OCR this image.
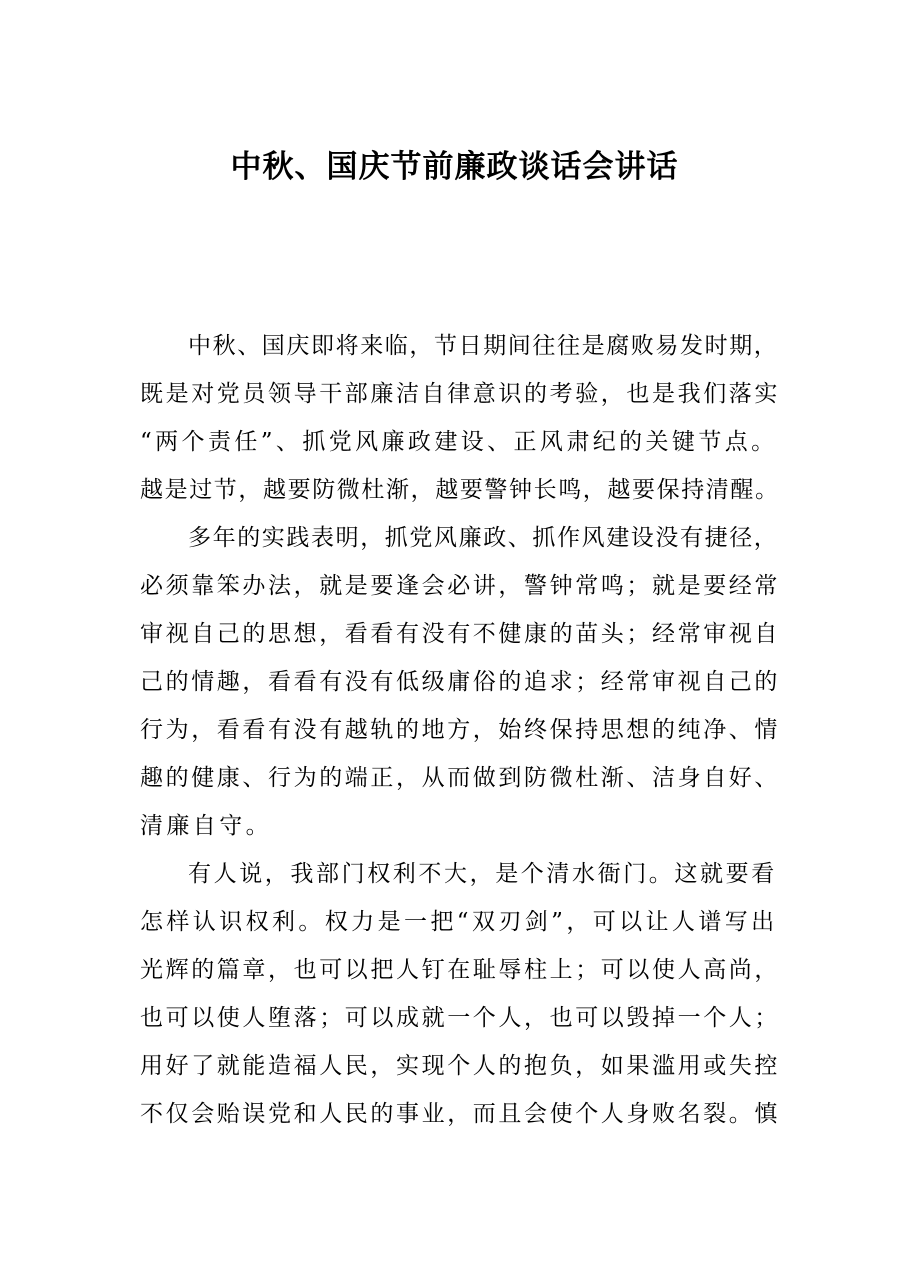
中秋、国庆节前廉政谈话会讲话
中秋、国庆即将来临，节日期间往往是腐败易发时期，
既是对党员领导干部廉洁自律意识的考验，也是我们落实
“两个责任”、抓党风廉政建设、正风肃纪的关键节点。
越是过节，越要防微杜渐，越要警钟长鸣，越要保持清醒。
多年的实践表明，抓党风廉政、抓作风建设没有捷径，
必须靠笨办法，就是要逢会必讲，警钟常鸣；就是要经常
审视自己的思想，看看有没有不健康的苗头；经常审视自
己的情趣，看看有没有低级庸俗的追求；经常审视自己的
行为，看看有没有越轨的地方，始终保持思想的纯净、情
趣的健康、行为的端正，从而做到防微杜渐、洁身自好、
清廉自守。
有人说，我部门权利不大，是个清水衙门。这就要看
怎样认识权利。权力是一把“双刃剑”，可以让人谱写出
光辉的篇章，也可以把人钉在耻辱柱上；可以使人高尚，
也可以使人堕落；可以成就一个人，也可以毁掉一个人；
用好了就能造福人民，实现个人的抱负，如果滥用或失控
不仅会贻误党和人民的事业，而且会使个人身败名裂。慎
